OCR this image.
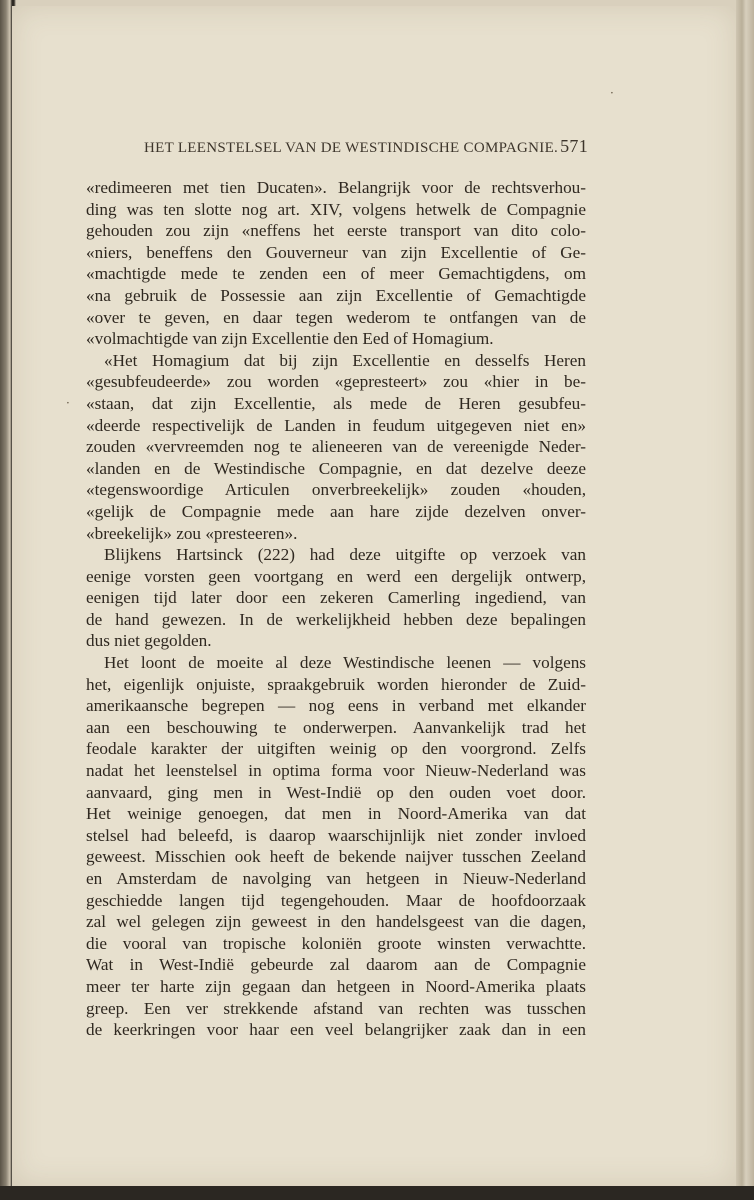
HET LEENSTELSEL VAN DE WESTINDISCHE COMPAGNIE. 571
«redimeeren met tien Ducaten». Belangrijk voor de rechtsverhou-
ding was ten slotte nog art. XIV, volgens hetwelk de Compagnie
gehouden zou zijn «neffens het eerste transport van dito colo-
«niers, beneffens den Gouverneur van zijn Excellentie of Ge-
«machtigde mede te zenden een of meer Gemachtigdens, om
«na gebruik de Possessie aan zijn Excellentie of Gemachtigde
«over te geven, en daar tegen wederom te ontfangen van de
«volmachtigde van zijn Excellentie den Eed of Homagium.
«Het Homagium dat bij zijn Excellentie en desselfs Heren
«gesubfeudeerde» zou worden «gepresteert» zou «hier in be-
«staan, dat zijn Excellentie, als mede de Heren gesubfeu-
«deerde respectivelijk de Landen in feudum uitgegeven niet en»
zouden «vervreemden nog te alieneeren van de vereenigde Neder-
«landen en de Westindische Compagnie, en dat dezelve deeze
«tegenswoordige Articulen onverbreekelijk» zouden «houden,
«gelijk de Compagnie mede aan hare zijde dezelven onver-
«breekelijk» zou «presteeren».
Blijkens Hartsinck (222) had deze uitgifte op verzoek van
eenige vorsten geen voortgang en werd een dergelijk ontwerp,
eenigen tijd later door een zekeren Camerling ingediend, van
de hand gewezen. In de werkelijkheid hebben deze bepalingen
dus niet gegolden.
Het loont de moeite al deze Westindische leenen — volgens
het, eigenlijk onjuiste, spraakgebruik worden hieronder de Zuid-
amerikaansche begrepen — nog eens in verband met elkander
aan een beschouwing te onderwerpen. Aanvankelijk trad het
feodale karakter der uitgiften weinig op den voorgrond. Zelfs
nadat het leenstelsel in optima forma voor Nieuw-Nederland was
aanvaard, ging men in West-Indië op den ouden voet door.
Het weinige genoegen, dat men in Noord-Amerika van dat
stelsel had beleefd, is daarop waarschijnlijk niet zonder invloed
geweest. Misschien ook heeft de bekende naijver tusschen Zeeland
en Amsterdam de navolging van hetgeen in Nieuw-Nederland
geschiedde langen tijd tegengehouden. Maar de hoofdoorzaak
zal wel gelegen zijn geweest in den handelsgeest van die dagen,
die vooral van tropische koloniën groote winsten verwachtte.
Wat in West-Indië gebeurde zal daarom aan de Compagnie
meer ter harte zijn gegaan dan hetgeen in Noord-Amerika plaats
greep. Een ver strekkende afstand van rechten was tusschen
de keerkringen voor haar een veel belangrijker zaak dan in een
·
·
